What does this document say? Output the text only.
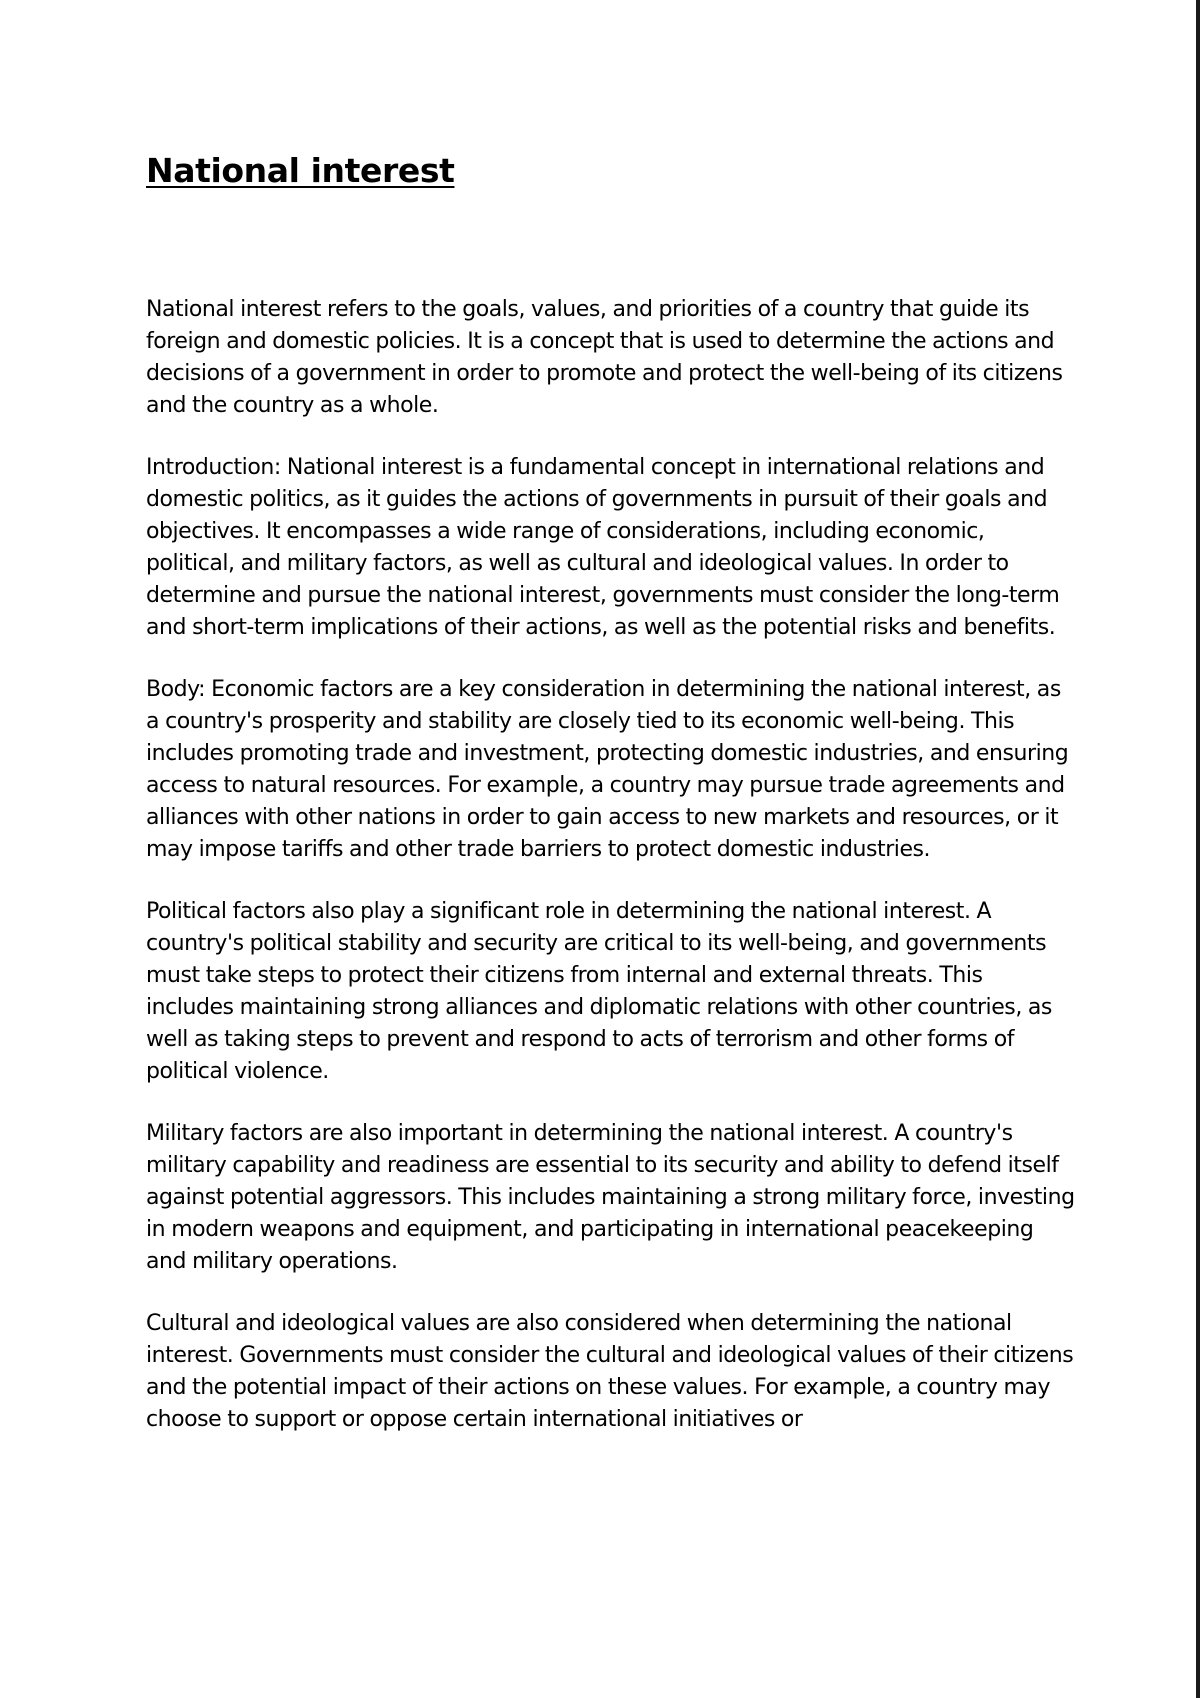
National interest

National interest refers to the goals, values, and priorities of a country that guide its foreign and domestic policies. It is a concept that is used to determine the actions and decisions of a government in order to promote and protect the well-being of its citizens and the country as a whole.

Introduction: National interest is a fundamental concept in international relations and domestic politics, as it guides the actions of governments in pursuit of their goals and objectives. It encompasses a wide range of considerations, including economic, political, and military factors, as well as cultural and ideological values. In order to determine and pursue the national interest, governments must consider the long-term and short-term implications of their actions, as well as the potential risks and benefits.

Body: Economic factors are a key consideration in determining the national interest, as a country's prosperity and stability are closely tied to its economic well-being. This includes promoting trade and investment, protecting domestic industries, and ensuring access to natural resources. For example, a country may pursue trade agreements and alliances with other nations in order to gain access to new markets and resources, or it may impose tariffs and other trade barriers to protect domestic industries.

Political factors also play a significant role in determining the national interest. A country's political stability and security are critical to its well-being, and governments must take steps to protect their citizens from internal and external threats. This includes maintaining strong alliances and diplomatic relations with other countries, as well as taking steps to prevent and respond to acts of terrorism and other forms of political violence.

Military factors are also important in determining the national interest. A country's military capability and readiness are essential to its security and ability to defend itself against potential aggressors. This includes maintaining a strong military force, investing in modern weapons and equipment, and participating in international peacekeeping and military operations.

Cultural and ideological values are also considered when determining the national interest. Governments must consider the cultural and ideological values of their citizens and the potential impact of their actions on these values. For example, a country may choose to support or oppose certain international initiatives or
